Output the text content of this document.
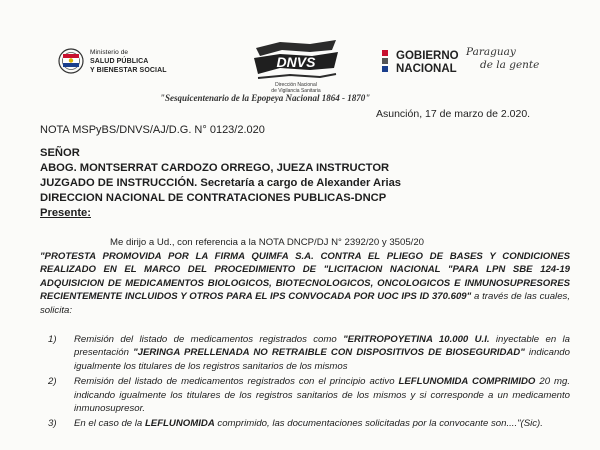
Ministerio de
SALUD PÚBLICA
Y BIENESTAR SOCIAL
DNVS
Dirección Nacional
de Vigilancia Sanitaria
GOBIERNO
NACIONAL
Paraguay
de la gente
"Sesquicentenario de la Epopeya Nacional 1864 - 1870"
Asunción, 17 de marzo de 2.020.
NOTA MSPyBS/DNVS/AJ/D.G. N° 0123/2.020
SEÑOR
ABOG. MONTSERRAT CARDOZO ORREGO, JUEZA INSTRUCTOR
JUZGADO DE INSTRUCCIÓN. Secretaría a cargo de Alexander Arias
DIRECCION NACIONAL DE CONTRATACIONES PUBLICAS-DNCP
Presente:
Me dirijo a Ud., con referencia a la NOTA DNCP/DJ N° 2392/20 y 3505/20
"PROTESTA PROMOVIDA POR LA FIRMA QUIMFA S.A. CONTRA EL PLIEGO DE BASES Y CONDICIONES REALIZADO EN EL MARCO DEL PROCEDIMIENTO DE "LICITACION NACIONAL "PARA LPN SBE 124-19 ADQUISICION DE MEDICAMENTOS BIOLOGICOS, BIOTECNOLOGICOS, ONCOLOGICOS E INMUNOSUPRESORES RECIENTEMENTE INCLUIDOS Y OTROS PARA EL IPS CONVOCADA POR UOC IPS ID 370.609" a través de las cuales, solicita:
1) Remisión del listado de medicamentos registrados como "ERITROPOYETINA 10.000 U.I. inyectable en la presentación "JERINGA PRELLENADA NO RETRAIBLE CON DISPOSITIVOS DE BIOSEGURIDAD" indicando igualmente los titulares de los registros sanitarios de los mismos
2) Remisión del listado de medicamentos registrados con el principio activo LEFLUNOMIDA COMPRIMIDO 20 mg. indicando igualmente los titulares de los registros sanitarios de los mismos y si corresponde a un medicamento inmunosupresor.
3) En el caso de la LEFLUNOMIDA comprimido, las documentaciones solicitadas por la convocante son...."(Sic).
